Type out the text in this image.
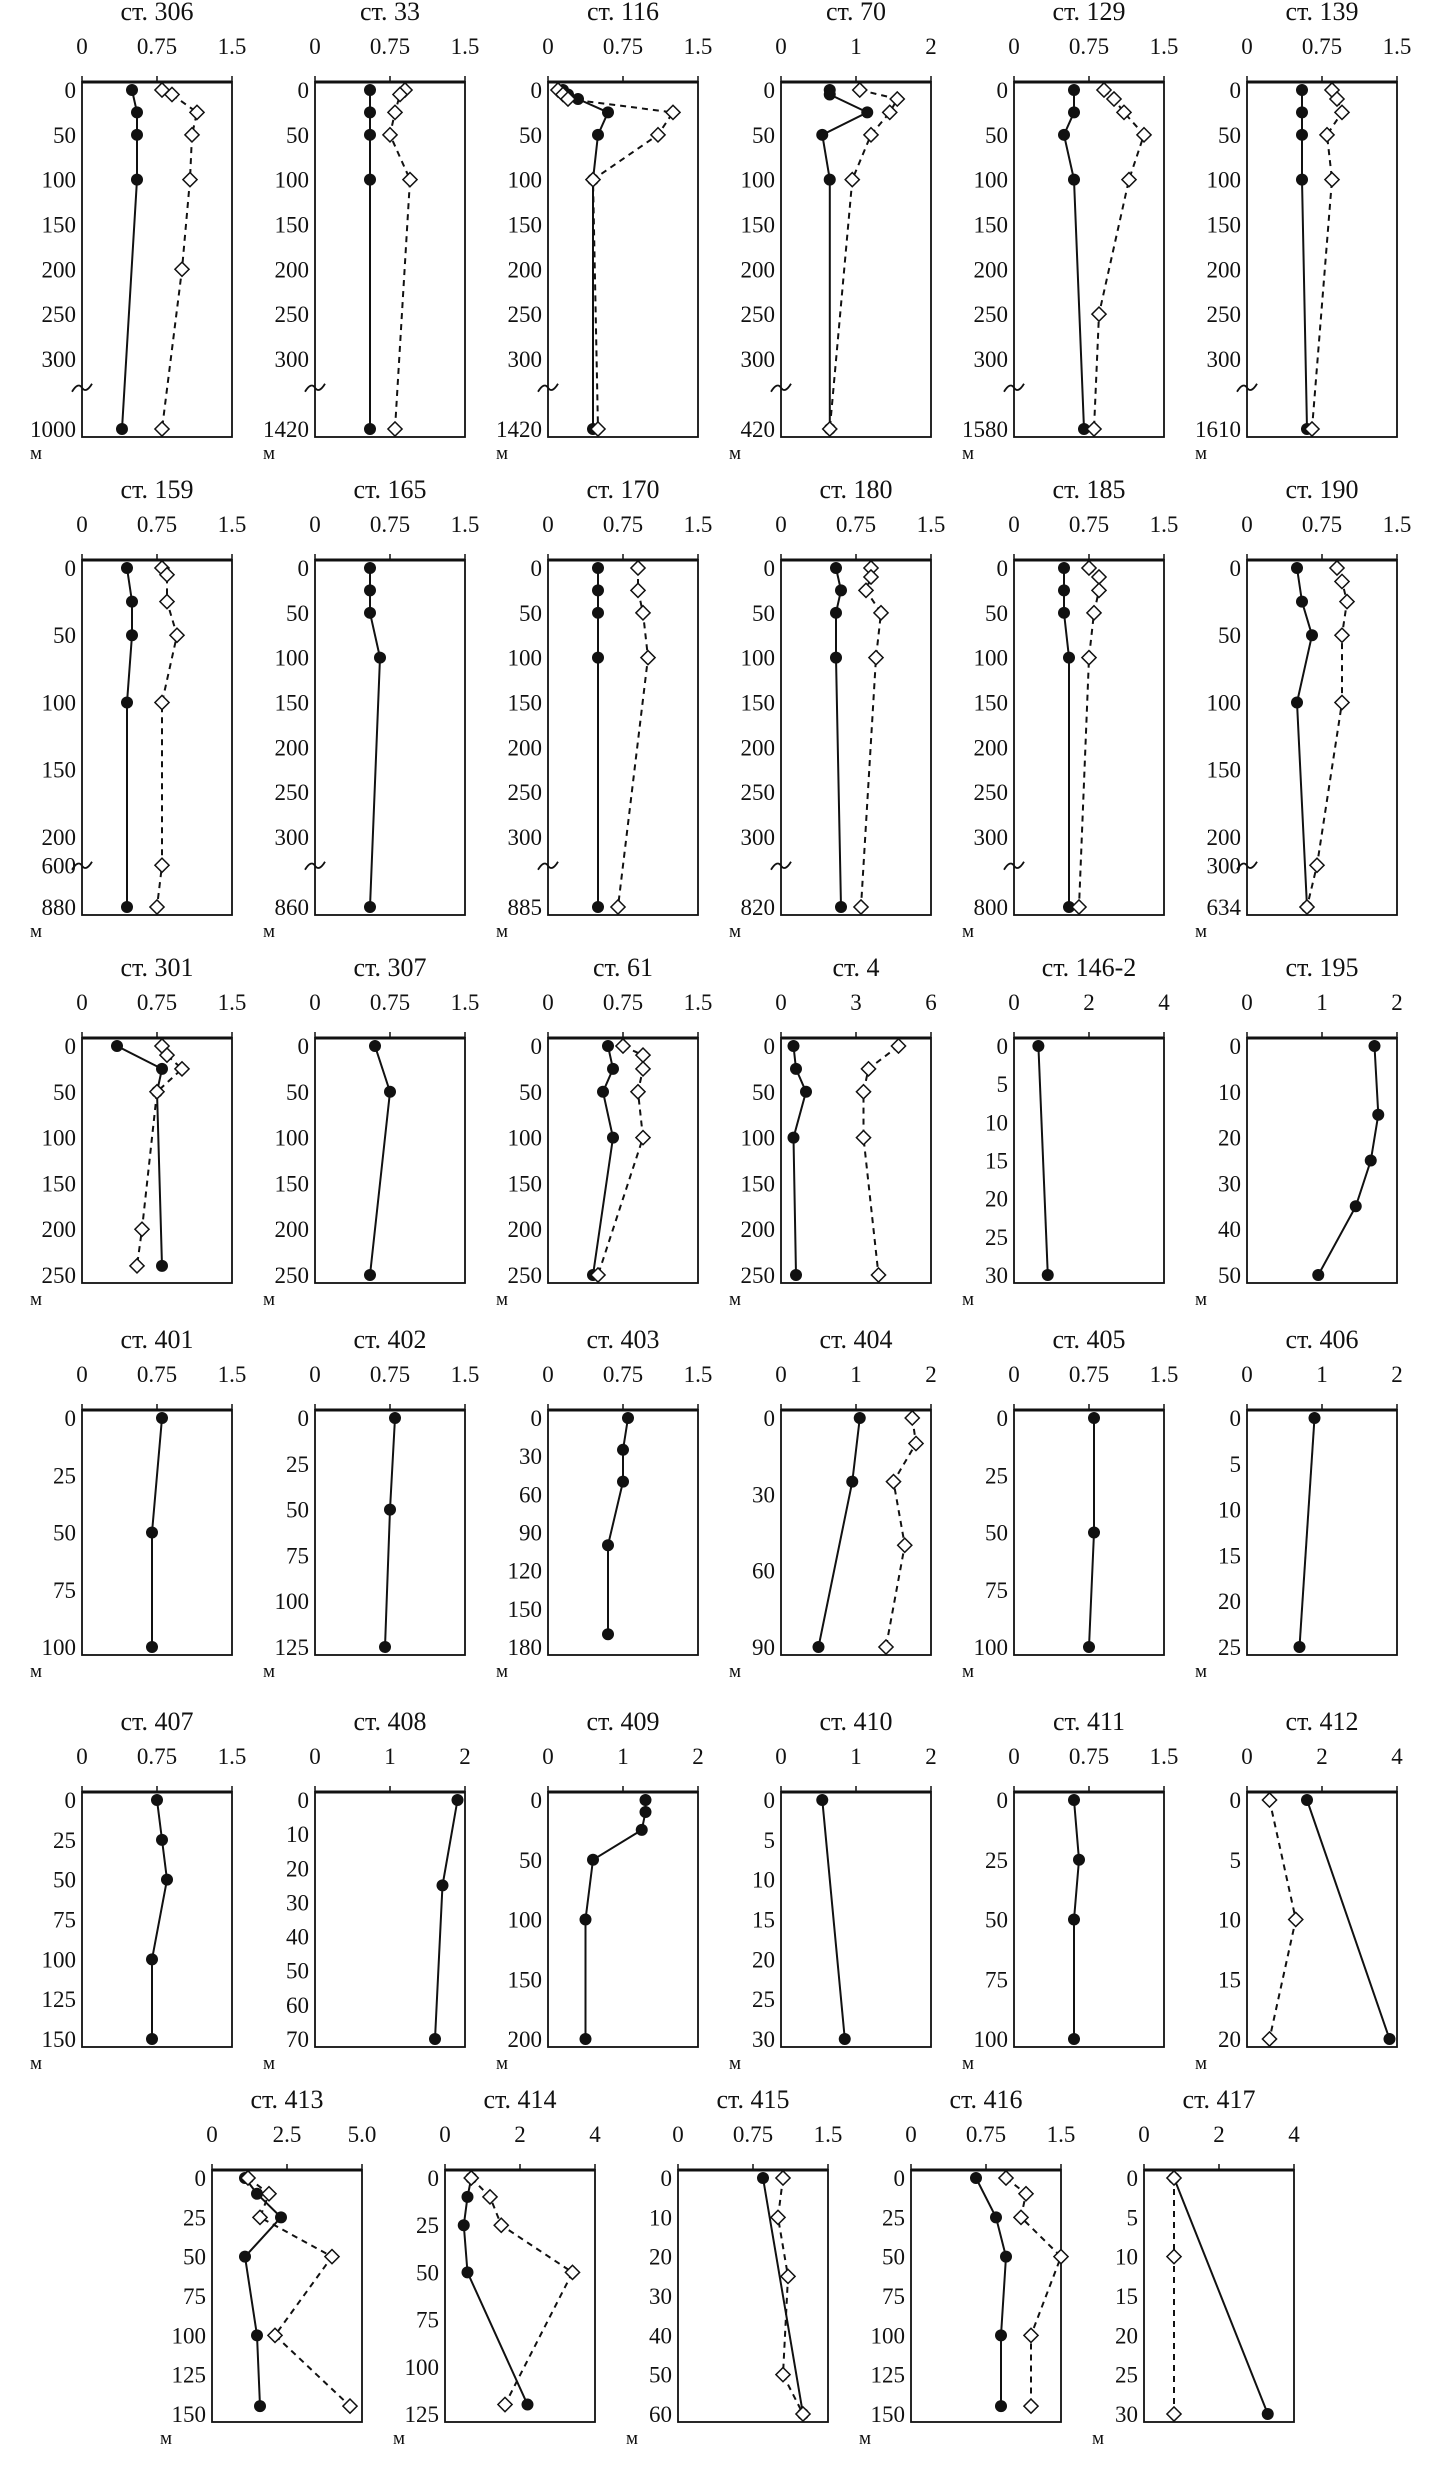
ст. 306
0 0.75 1.5
0
50
100
150
200
250
300
1000
м
ст. 33
0 0.75 1.5
0
50
100
150
200
250
300
1420
м
ст. 116
0 0.75 1.5
0
50
100
150
200
250
300
1420
м
ст. 70
0	1	2
0
50
100
150
200
250
300
420
м
ст. 129
0 0.75 1.5
0
50
100
150
200
250
300
1580
м
ст. 139
0 0.75 1.5
0
50
100
150
200
250
300
1610
м
ст. 159
0 0.75 1.5
0
50
100
150
200
600
880
м
ст. 165
0 0.75 1.5
0
50
100
150
200
250
300
860
м
ст. 170
0 0.75 1.5
0
50
100
150
200
250
300
885
м
ст. 180
0 0.75 1.5
0
50
100
150
200
250
300
820
м
ст. 185
0 0.75 1.5
0
50
100
150
200
250
300
800
м
ст. 190
0 0.75 1.5
0
50
100
150
200
300
634
м
ст. 301
0 0.75 1.5
0
50
100
150
200
250
м
ст. 307
0 0.75 1.5
0
50
100
150
200
250
м
ст. 61
0 0.75 1.5
0
50
100
150
200
250
м
ст. 4
0	3	6
0
50
100
150
200
250
м
ст. 146-2
0	2	4
0
5
10
15
20
25
30
м
ст. 195
0	1	2
0
10
20
30
40
50
м
ст. 401
0 0.75 1.5
0
25
50
75
100
м
ст. 402
0 0.75 1.5
0
25
50
75
100
125
м
ст. 403
0 0.75 1.5
0
30
60
90
120
150
180
м
ст. 404
0	1	2
0
30
60
90
м
ст. 405
0 0.75 1.5
0
25
50
75
100
м
ст. 406
0	1	2
0
5
10
15
20
25
м
ст. 407
0 0.75 1.5
0
25
50
75
100
125
150
м
ст. 408
0	1	2
0
10
20
30
40
50
60
70
м
ст. 409
0	1	2
0
50
100
150
200
м
ст. 410
0	1	2
0
5
10
15
20
25
30
м
ст. 411
0 0.75 1.5
0
25
50
75
100
м
ст. 412
0	2	4
0
5
10
15
20
м
ст. 413
0 2.5 5.0
0
25
50
75
100
125
150
м
ст. 414
0	2	4
0
25
50
75
100
125
м
ст. 415
0 0.75 1.5
0
10
20
30
40
50
60
м
ст. 416
0 0.75 1.5
0
25
50
75
100
125
150
м
ст. 417
0	2	4
0
5
10
15
20
25
30
м
